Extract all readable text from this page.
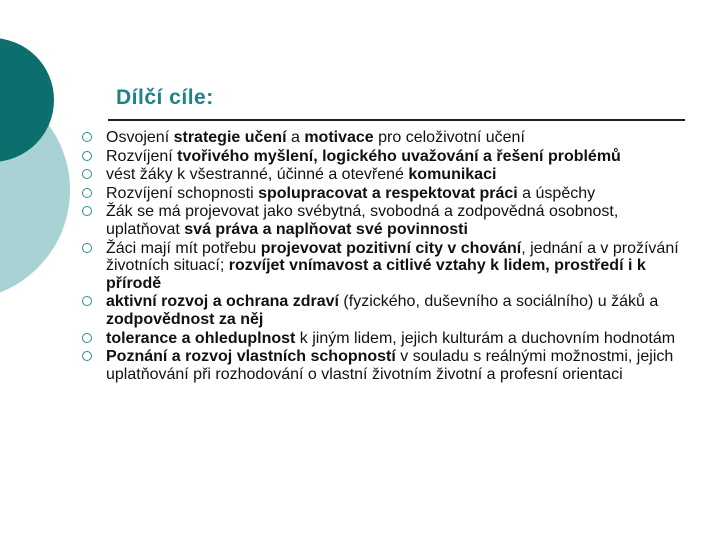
Dílčí cíle:
Osvojení strategie učení a motivace pro celoživotní učení
Rozvíjení tvořivého myšlení, logického uvažování a řešení problémů
vést žáky k všestranné, účinné a otevřené komunikaci
Rozvíjení schopnosti spolupracovat a respektovat práci a úspěchy
Žák se má projevovat jako svébytná, svobodná a zodpovědná osobnost, uplatňovat svá práva a naplňovat své povinnosti
Žáci mají mít potřebu projevovat pozitivní city v chování, jednání a v prožívání životních situací; rozvíjet vnímavost a citlivé vztahy k lidem, prostředí i k přírodě
aktivní rozvoj a ochrana zdraví (fyzického, duševního a sociálního) u žáků a zodpovědnost za něj
tolerance a ohleduplnost k jiným lidem, jejich kulturám a duchovním hodnotám
Poznání a rozvoj vlastních schopností v souladu s reálnými možnostmi, jejich uplatňování při rozhodování o vlastní životním životní a profesní orientaci
